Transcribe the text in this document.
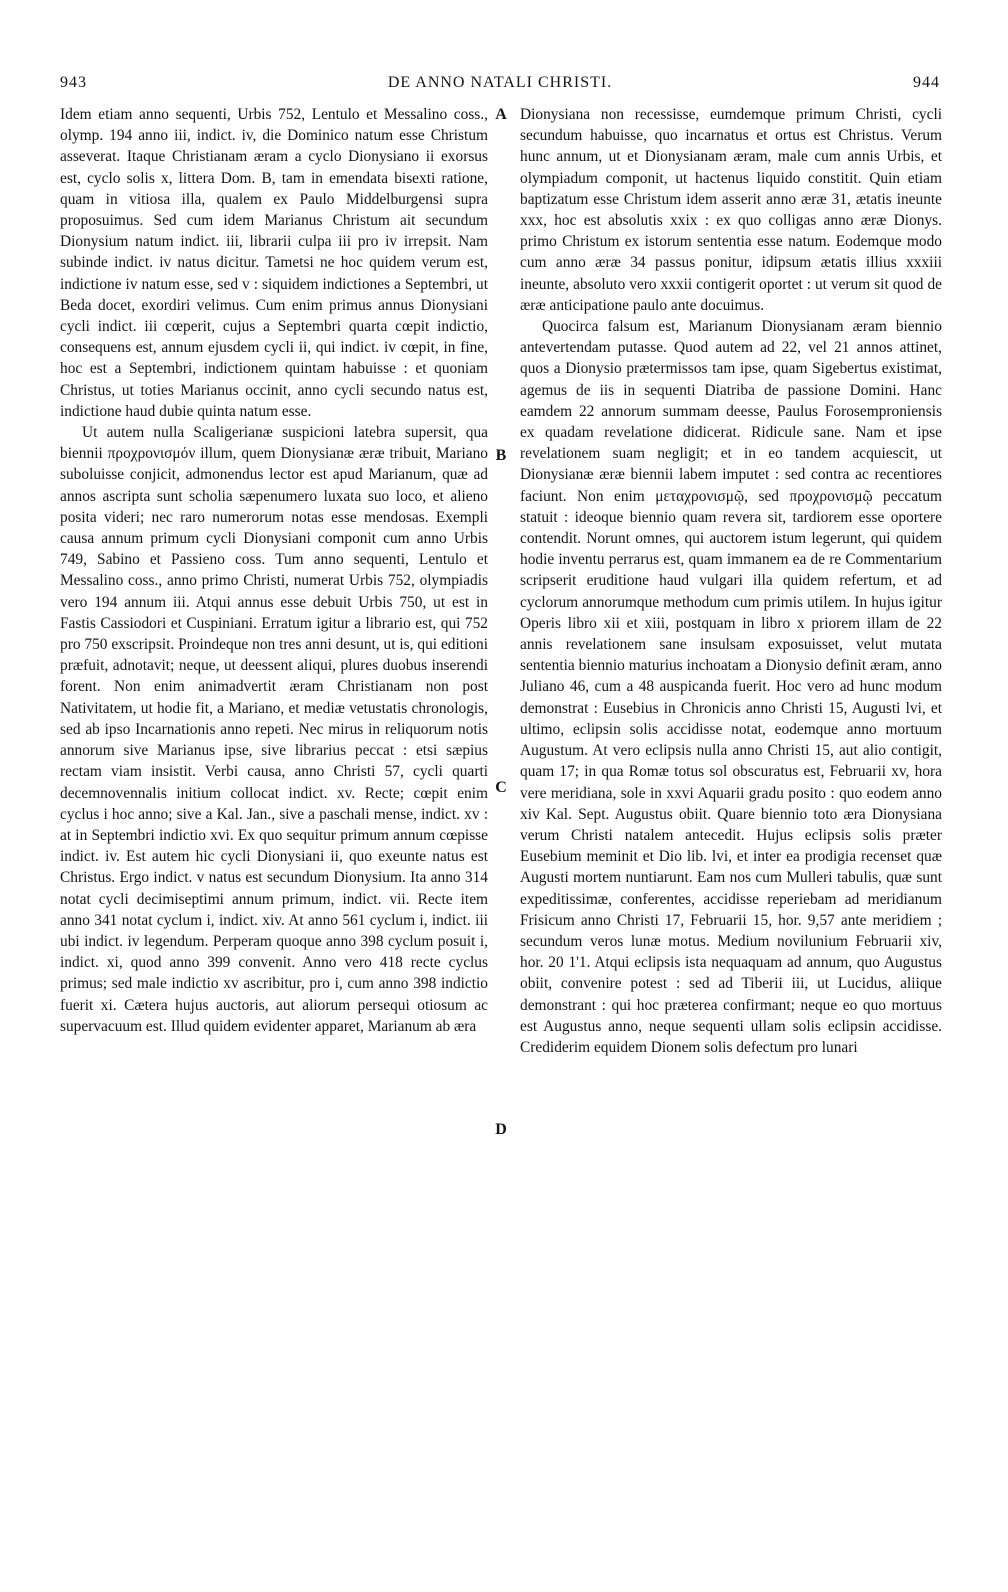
943	DE ANNO NATALI CHRISTI.	944

Idem etiam anno sequenti, Urbis 752, Lentulo et Messalino coss., olymp. 194 anno iii, indict. iv, die Dominico natum esse Christum asseverat. Itaque Christianam æram a cyclo Dionysiano ii exorsus est, cyclo solis x, littera Dom. B, tam in emendata bisexti ratione, quam in vitiosa illa, qualem ex Paulo Middelburgensi supra proposuimus. Sed cum idem Marianus Christum ait secundum Dionysium natum indict. iii, librarii culpa iii pro iv irrepsit. Nam subinde indict. iv natus dicitur. Tametsi ne hoc quidem verum est, indictione iv natum esse, sed v : siquidem indictiones a Septembri, ut Beda docet, exordiri velimus. Cum enim primus annus Dionysiani cycli indict. iii cœperit, cujus a Septembri quarta cœpit indictio, consequens est, annum ejusdem cycli ii, qui indict. iv cœpit, in fine, hoc est a Septembri, indictionem quintam habuisse : et quoniam Christus, ut toties Marianus occinit, anno cycli secundo natus est, indictione haud dubie quinta natum esse.

Ut autem nulla Scaligerianæ suspicioni latebra supersit, qua biennii προχρονισμόν illum, quem Dionysianæ æræ tribuit, Mariano suboluisse conjicit, admonendus lector est apud Marianum, quæ ad annos ascripta sunt scholia sæpenumero luxata suo loco, et alieno posita videri; nec raro numerorum notas esse mendosas. Exempli causa annum primum cycli Dionysiani componit cum anno Urbis 749, Sabino et Passieno coss. Tum anno sequenti, Lentulo et Messalino coss., anno primo Christi, numerat Urbis 752, olympiadis vero 194 annum iii. Atqui annus esse debuit Urbis 750, ut est in Fastis Cassiodori et Cuspiniani. Erratum igitur a librario est, qui 752 pro 750 exscripsit. Proindeque non tres anni desunt, ut is, qui editioni præfuit, adnotavit; neque, ut deessent aliqui, plures duobus inserendi forent. Non enim animadvertit æram Christianam non post Nativitatem, ut hodie fit, a Mariano, et mediæ vetustatis chronologis, sed ab ipso Incarnationis anno repeti. Nec mirus in reliquorum notis annorum sive Marianus ipse, sive librarius peccat : etsi sæpius rectam viam insistit. Verbi causa, anno Christi 57, cycli quarti decemnovennalis initium collocat indict. xv. Recte; cœpit enim cyclus i hoc anno; sive a Kal. Jan., sive a paschali mense, indict. xv : at in Septembri indictio xvi. Ex quo sequitur primum annum cœpisse indict. iv. Est autem hic cycli Dionysiani ii, quo exeunte natus est Christus. Ergo indict. v natus est secundum Dionysium. Ita anno 314 notat cycli decimiseptimi annum primum, indict. vii. Recte item anno 341 notat cyclum i, indict. xiv. At anno 561 cyclum i, indict. iii ubi indict. iv legendum. Perperam quoque anno 398 cyclum posuit i, indict. xi, quod anno 399 convenit. Anno vero 418 recte cyclus primus; sed male indictio xv ascribitur, pro i, cum anno 398 indictio fuerit xi. Cætera hujus auctoris, aut aliorum persequi otiosum ac supervacuum est. Illud quidem evidenter apparet, Marianum ab æra

A
B
C
D

Dionysiana non recessisse, eumdemque primum Christi, cycli secundum habuisse, quo incarnatus et ortus est Christus. Verum hunc annum, ut et Dionysianam æram, male cum annis Urbis, et olympiadum componit, ut hactenus liquido constitit. Quin etiam baptizatum esse Christum idem asserit anno æræ 31, ætatis ineunte xxx, hoc est absolutis xxix : ex quo colligas anno æræ Dionys. primo Christum ex istorum sententia esse natum. Eodemque modo cum anno æræ 34 passus ponitur, idipsum ætatis illius xxxiii ineunte, absoluto vero xxxii contigerit oportet : ut verum sit quod de æræ anticipatione paulo ante docuimus.

Quocirca falsum est, Marianum Dionysianam æram biennio antevertendam putasse. Quod autem ad 22, vel 21 annos attinet, quos a Dionysio prætermissos tam ipse, quam Sigebertus existimat, agemus de iis in sequenti Diatriba de passione Domini. Hanc eamdem 22 annorum summam deesse, Paulus Forosemproniensis ex quadam revelatione didicerat. Ridicule sane. Nam et ipse revelationem suam negligit; et in eo tandem acquiescit, ut Dionysianæ æræ biennii labem imputet : sed contra ac recentiores faciunt. Non enim μεταχρονισμῷ, sed προχρονισμῷ peccatum statuit : ideoque biennio quam revera sit, tardiorem esse oportere contendit. Norunt omnes, qui auctorem istum legerunt, qui quidem hodie inventu perrarus est, quam immanem ea de re Commentarium scripserit eruditione haud vulgari illa quidem refertum, et ad cyclorum annorumque methodum cum primis utilem. In hujus igitur Operis libro xii et xiii, postquam in libro x priorem illam de 22 annis revelationem sane insulsam exposuisset, velut mutata sententia biennio maturius inchoatam a Dionysio definit æram, anno Juliano 46, cum a 48 auspicanda fuerit. Hoc vero ad hunc modum demonstrat : Eusebius in Chronicis anno Christi 15, Augusti lvi, et ultimo, eclipsin solis accidisse notat, eodemque anno mortuum Augustum. At vero eclipsis nulla anno Christi 15, aut alio contigit, quam 17; in qua Romæ totus sol obscuratus est, Februarii xv, hora vere meridiana, sole in xxvi Aquarii gradu posito : quo eodem anno xiv Kal. Sept. Augustus obiit. Quare biennio toto æra Dionysiana verum Christi natalem antecedit. Hujus eclipsis solis præter Eusebium meminit et Dio lib. lvi, et inter ea prodigia recenset quæ Augusti mortem nuntiarunt. Eam nos cum Mulleri tabulis, quæ sunt expeditissimæ, conferentes, accidisse reperiebam ad meridianum Frisicum anno Christi 17, Februarii 15, hor. 9,57 ante meridiem ; secundum veros lunæ motus. Medium novilunium Februarii xiv, hor. 20 1'1. Atqui eclipsis ista nequaquam ad annum, quo Augustus obiit, convenire potest : sed ad Tiberii iii, ut Lucidus, aliique demonstrant : qui hoc præterea confirmant; neque eo quo mortuus est Augustus anno, neque sequenti ullam solis eclipsin accidisse. Crediderim equidem Dionem solis defectum pro lunari
